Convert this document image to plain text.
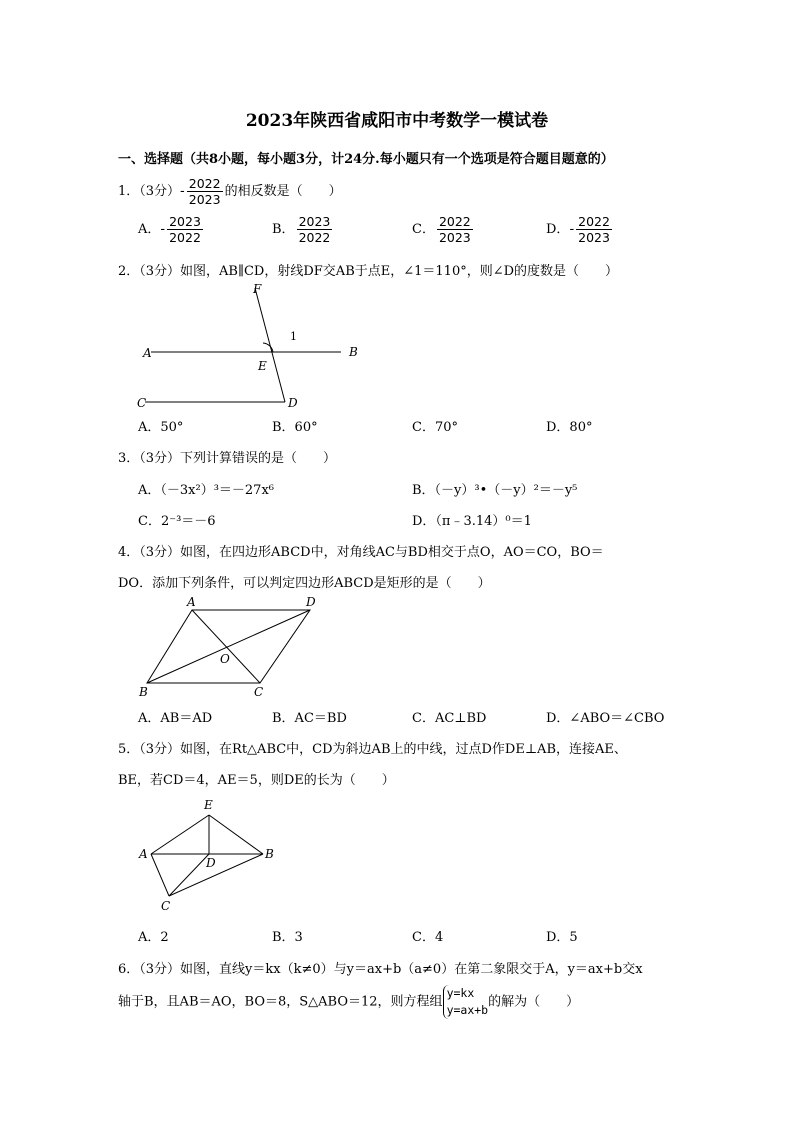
2023年陕西省咸阳市中考数学一模试卷
一、选择题（共8小题，每小题3分，计24分.每小题只有一个选项是符合题目题意的）
1．（3分）- $\frac{2022}{2023}$ 的相反数是（　　）
A．- $\frac{2023}{2022}$	B． $\frac{2023}{2022}$	C． $\frac{2022}{2023}$	D．- $\frac{2022}{2023}$
2．（3分）如图，AB∥CD，射线DF交AB于点E，∠1＝110°，则∠D的度数是（　　）
F
A	B
E
C	D
1
A．50°	B．60°	C．70°	D．80°
3．（3分）下列计算错误的是（　　）
A．（－3x²）³＝－27x⁶	B．（－y）³•（－y）²＝－y⁵
C．2⁻³＝－6	D．（π﹣3.14）⁰＝1
4．（3分）如图，在四边形ABCD中，对角线AC与BD相交于点O，AO＝CO，BO＝
DO．添加下列条件，可以判定四边形ABCD是矩形的是（　　）
A	D
O
B	C
A．AB＝AD	B．AC＝BD	C．AC⊥BD	D．∠ABO＝∠CBO
5．（3分）如图，在Rt△ABC中，CD为斜边AB上的中线，过点D作DE⊥AB，连接AE、
BE，若CD＝4，AE＝5，则DE的长为（　　）
E
A
D
B
C
A．2	B．3	C．4	D．5
6．（3分）如图，直线y＝kx（k≠0）与y＝ax+b（a≠0）在第二象限交于A，y＝ax+b交x
轴于B，且AB＝AO，BO＝8，S△ABO＝12，则方程组
y=kx
y=ax+b
的解为（　　）
